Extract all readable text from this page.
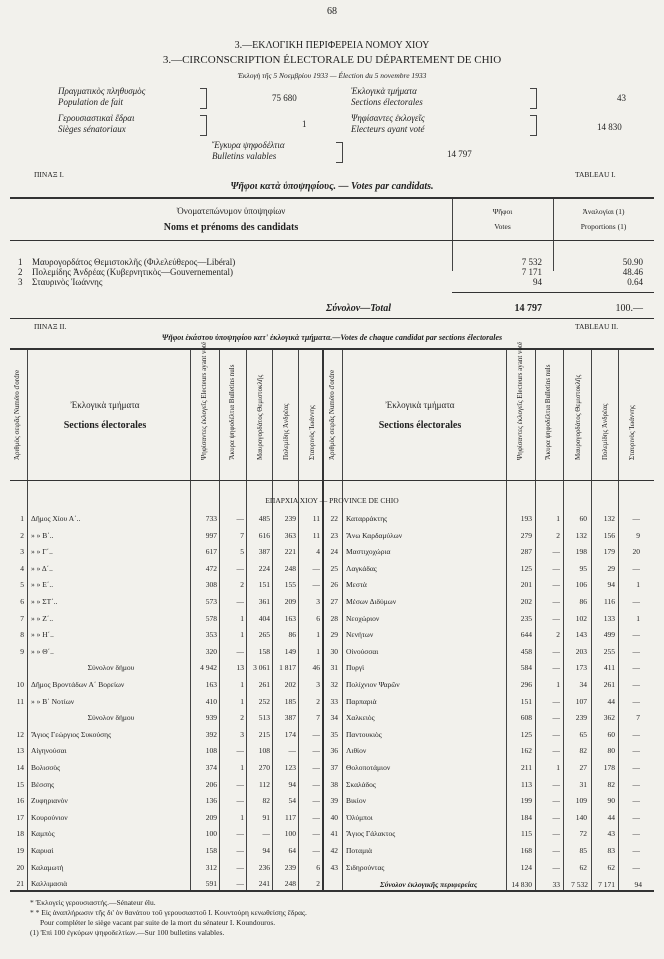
68
3.—ΕΚΛΟΓΙΚΗ ΠΕΡΙΦΕΡΕΙΑ ΝΟΜΟΥ ΧΙΟΥ
3.—CIRCONSCRIPTION ÉLECTORALE DU DÉPARTEMENT DE CHIO
Ἐκλογὴ τῆς 5 Νοεμβρίου 1933 — Élection du 5 novembre 1933
Πραγματικὸς πληθυσμὸς
Population de fait	75 680
Γερουσιαστικαὶ ἕδραι
Sièges sénatoriaux	1
Ἐκλογικὰ τμήματα
Sections électorales	43
Ψηφίσαντες ἐκλογεῖς
Electeurs ayant voté	14 830
Ἔγκυρα ψηφοδέλτια
Bulletins valables	14 797
ΠΙΝΑΞ I.	TABLEAU I.
Ψῆφοι κατὰ ὑποψηφίους. — Votes par candidats.
Ὀνοματεπώνυμον ὑποψηφίων
Noms et prénoms des candidats
Ψῆφοι
Votes
Ἀναλογίαι (1)
Proportions (1)
1 Μαυρογορδάτος Θεμιστοκλῆς (Φιλελεύθερος—Libéral)	7 532	50.90
2 Πολεμίδης Ἀνδρέας (Κυβερνητικὸς—Gouvernemental)	7 171	48.46
3 Σταυρινὸς Ἰωάννης	94	0.64
Σύνολον—Total	14 797	100.—
ΠΙΝΑΞ II.	TABLEAU II.
Ψῆφοι ἑκάστου ὑποψηφίου κατ' ἐκλογικὰ τμήματα.—Votes de chaque candidat par sections électorales
Ἀριθμὸς σειρᾶς Numéro d'ordre	Ἐκλογικὰ τμήματα
Sections électorales	Ψηφίσαντες ἐκλογεῖς Electeurs ayant voté	Ἄκυρα ψηφοδέλτια Bulletins nuls	Μαυρογορδάτος Θεμιστοκλῆς	Πολεμίδης Ἀνδρέας	Σταυρινὸς Ἰωάννης Ἀριθμὸς σειρᾶς Numéro d'ordre	Ἐκλογικὰ τμήματα
Sections électorales	Ψηφίσαντες ἐκλογεῖς Electeurs ayant voté	Ἄκυρα ψηφοδέλτια Bulletins nuls	Μαυρογορδάτος Θεμιστοκλῆς	Πολεμίδης Ἀνδρέας	Σταυρινὸς Ἰωάννης
ΕΠΑΡΧΙΑ ΧΙΟΥ — PROVINCE DE CHIO
1 Δῆμος Χίου Α΄..	733	—	485	239	11
2 » » Β΄..	997	7	616	363	11
3 » » Γ΄..	617	5	387	221	4
4 » » Δ΄..	472	—	224	248	—
5 » » Ε΄..	308	2	151	155	—
6 » » ΣΤ΄..	573	—	361	209	3
7 » » Ζ΄..	578	1	404	163	6
8 » » Η΄..	353	1	265	86	1
9 » » Θ΄..	320	—	158	149	1
Σύνολον δήμου	4 942	13	3 061	1 817	46
10 Δῆμος Βροντάδων Α΄ Βορείων	163	1	261	202	3
11 » » Β΄ Νοτίων	410	1	252	185	2
Σύνολον δήμου	939	2	513	387	7
12 Ἅγιος Γεώργιος Συκούσης	392	3	215	174	—
13 Αἰγηνούσαι	108	—	108	—	—
14 Βολισσὸς	374	1	270	123	—
15 Βέσσης	206	—	112	94	—
16 Ζυφηριανὸν	136	—	82	54	—
17 Κουρούνιον	209	1	91	117	—
18 Καμπὸς	100	—	—	100	—
19 Καρυαὶ	158	—	94	64	—
20 Καλαμωτὴ	312	—	236	239	6
21 Καλλιμασιὰ	591	—	241	248	2
22 Καταρράκτης	193	1	60	132	—
23 Ἄνω Καρδαμύλων	279	2	132	156	9
24 Μαστιχοχώρια	287	—	198	179	20
25 Λαγκάδας	125	—	95	29	—
26 Μεστὰ	201	—	106	94	1
27 Μέσων Διδύμων	202	—	86	116	—
28 Νεοχώριον	235	—	102	133	1
29 Νενήτων	644	2	143	499	—
30 Οἰνούσσαι	458	—	203	255	—
31 Πυργὶ	584	—	173	411	—
32 Πολίχνιον Ψαρῶν	296	1	34	261	—
33 Παρπαριὰ	151	—	107	44	—
34 Χαλκειὸς	608	—	239	362	7
35 Παντουκιὸς	125	—	65	60	—
36 Λιθίον	162	—	82	80	—
37 Θολοποτάμιον	211	1	27	178	—
38 Σκαλάδος	113	—	31	82	—
39 Βικίον	199	—	109	90	—
40 Ὀλύμποι	184	—	140	44	—
41 Ἅγιος Γάλακτος	115	—	72	43	—
42 Ποταμιὰ	168	—	85	83	—
43 Σιδηρούντας	124	—	62	62	—
Σύνολον ἐκλογικῆς περιφερείας	14 830	33	7 532	7 171	94
* Ἐκλογεὶς γερουσιαστής.—Sénateur élu.
* * Εἰς ἀναπλήρωσιν τῆς δι' ὁν θανάτου τοῦ γερουσιαστοῦ Ι. Κουντούρη κενωθείσης ἕδρας.
Pour compléter le siège vacant par suite de la mort du sénateur I. Koundouros.
(1) Ἐπὶ 100 ἐγκύρων ψηφοδελτίων.—Sur 100 bulletins valables.
